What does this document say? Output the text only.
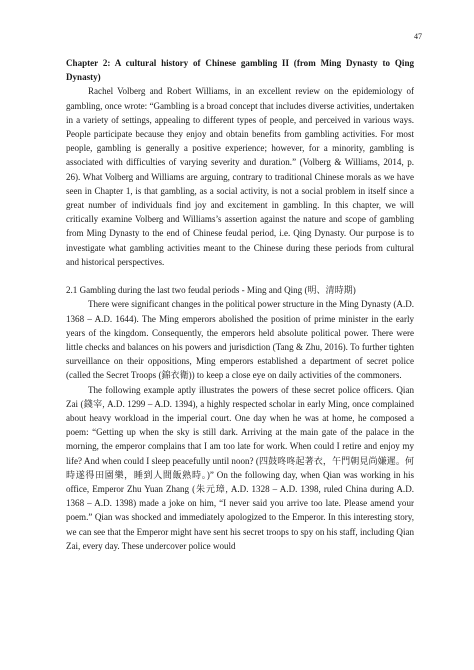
47

Chapter 2: A cultural history of Chinese gambling II (from Ming Dynasty to Qing Dynasty)

Rachel Volberg and Robert Williams, in an excellent review on the epidemiology of gambling, once wrote: “Gambling is a broad concept that includes diverse activities, undertaken in a variety of settings, appealing to different types of people, and perceived in various ways. People participate because they enjoy and obtain benefits from gambling activities. For most people, gambling is generally a positive experience; however, for a minority, gambling is associated with difficulties of varying severity and duration.” (Volberg & Williams, 2014, p. 26). What Volberg and Williams are arguing, contrary to traditional Chinese morals as we have seen in Chapter 1, is that gambling, as a social activity, is not a social problem in itself since a great number of individuals find joy and excitement in gambling. In this chapter, we will critically examine Volberg and Williams’s assertion against the nature and scope of gambling from Ming Dynasty to the end of Chinese feudal period, i.e. Qing Dynasty. Our purpose is to investigate what gambling activities meant to the Chinese during these periods from cultural and historical perspectives.

2.1 Gambling during the last two feudal periods - Ming and Qing (明、清時期)

There were significant changes in the political power structure in the Ming Dynasty (A.D. 1368 – A.D. 1644). The Ming emperors abolished the position of prime minister in the early years of the kingdom. Consequently, the emperors held absolute political power. There were little checks and balances on his powers and jurisdiction (Tang & Zhu, 2016). To further tighten surveillance on their oppositions, Ming emperors established a department of secret police (called the Secret Troops (錦衣衛)) to keep a close eye on daily activities of the commoners.

The following example aptly illustrates the powers of these secret police officers. Qian Zai (錢宰, A.D. 1299 – A.D. 1394), a highly respected scholar in early Ming, once complained about heavy workload in the imperial court. One day when he was at home, he composed a poem: “Getting up when the sky is still dark. Arriving at the main gate of the palace in the morning, the emperor complains that I am too late for work. When could I retire and enjoy my life? And when could I sleep peacefully until noon? (四鼓咚咚起著衣，午門朝見尚嫌遲。何時遂得田園樂，睡到人間飯熟時。)” On the following day, when Qian was working in his office, Emperor Zhu Yuan Zhang (朱元璋, A.D. 1328 – A.D. 1398, ruled China during A.D. 1368 – A.D. 1398) made a joke on him, “I never said you arrive too late. Please amend your poem.” Qian was shocked and immediately apologized to the Emperor. In this interesting story, we can see that the Emperor might have sent his secret troops to spy on his staff, including Qian Zai, every day. These undercover police would
